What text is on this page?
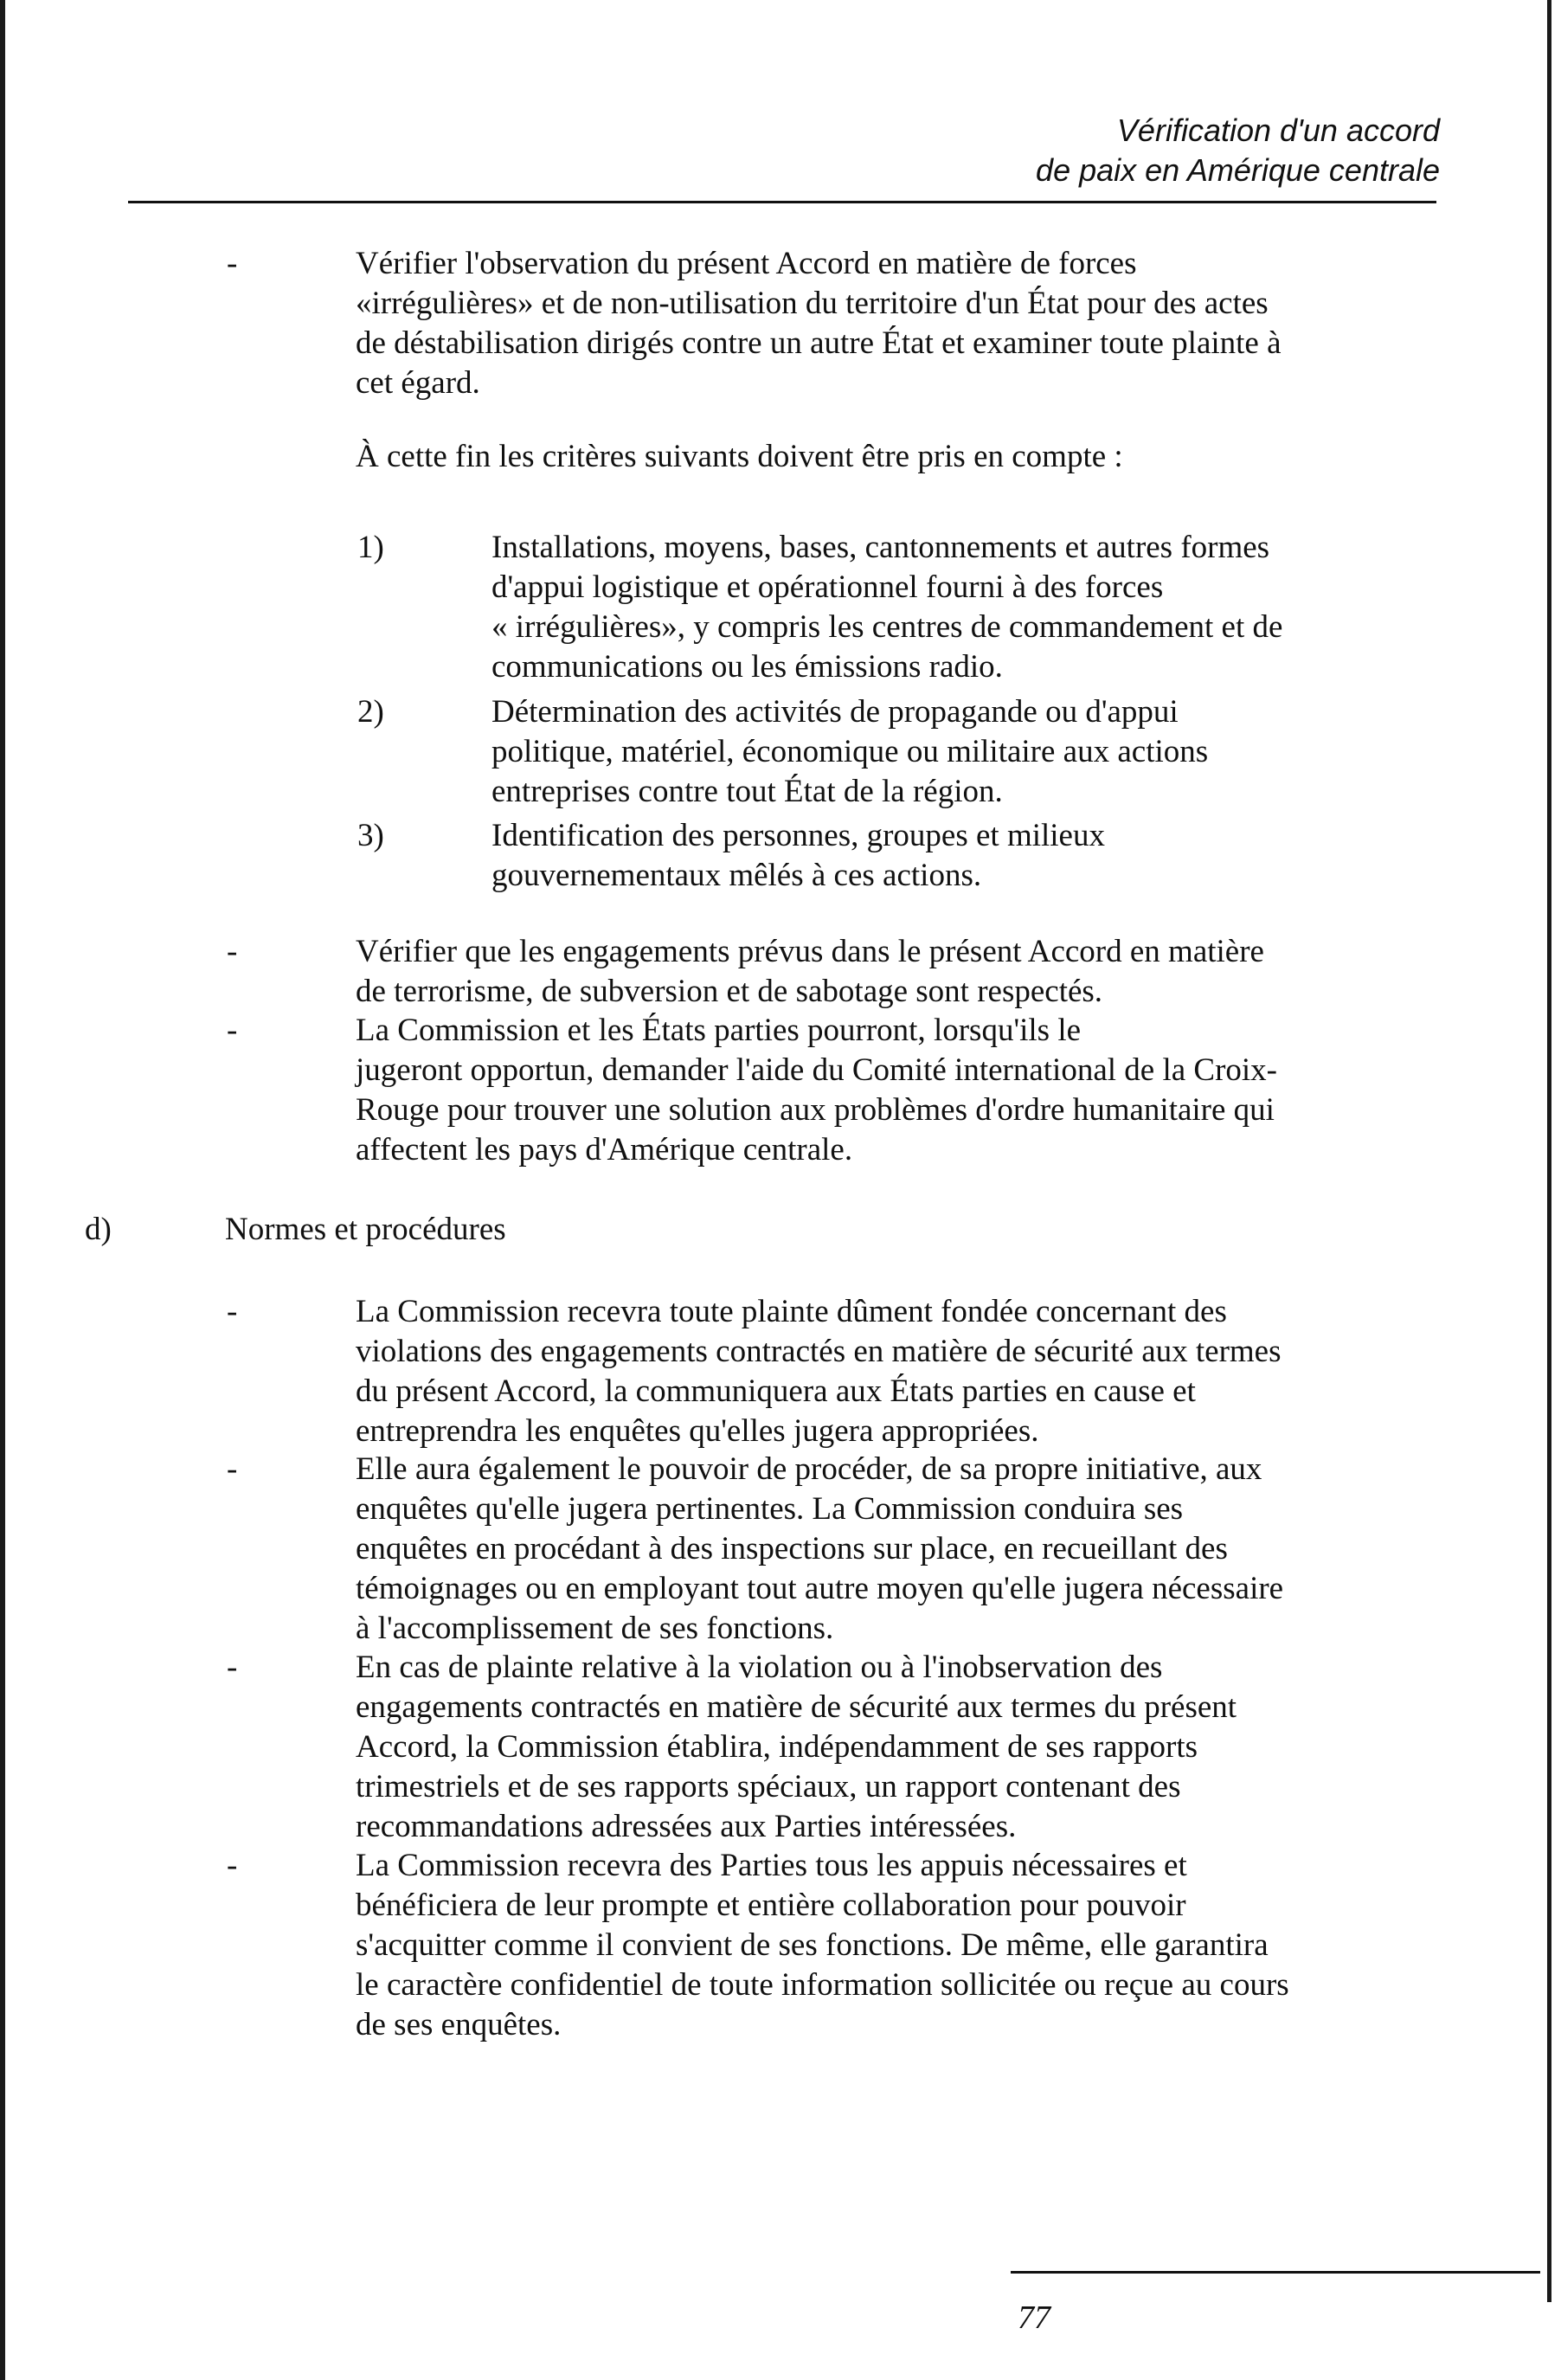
Vérification d'un accord
de paix en Amérique centrale
-	Vérifier l'observation du présent Accord en matière de forces
«irrégulières» et de non-utilisation du territoire d'un État pour des actes
de déstabilisation dirigés contre un autre État et examiner toute plainte à
cet égard.
À cette fin les critères suivants doivent être pris en compte :
1)	Installations, moyens, bases, cantonnements et autres formes
d'appui logistique et opérationnel fourni à des forces
« irrégulières», y compris les centres de commandement et de
communications ou les émissions radio.
2)	Détermination des activités de propagande ou d'appui
politique, matériel, économique ou militaire aux actions
entreprises contre tout État de la région.
3)	Identification des personnes, groupes et milieux
gouvernementaux mêlés à ces actions.
-	Vérifier que les engagements prévus dans le présent Accord en matière
de terrorisme, de subversion et de sabotage sont respectés.
-	La Commission et les États parties pourront, lorsqu'ils le
jugeront opportun, demander l'aide du Comité international de la Croix-
Rouge pour trouver une solution aux problèmes d'ordre humanitaire qui
affectent les pays d'Amérique centrale.
d)	Normes et procédures
-	La Commission recevra toute plainte dûment fondée concernant des
violations des engagements contractés en matière de sécurité aux termes
du présent Accord, la communiquera aux États parties en cause et
entreprendra les enquêtes qu'elles jugera appropriées.
-	Elle aura également le pouvoir de procéder, de sa propre initiative, aux
enquêtes qu'elle jugera pertinentes. La Commission conduira ses
enquêtes en procédant à des inspections sur place, en recueillant des
témoignages ou en employant tout autre moyen qu'elle jugera nécessaire
à l'accomplissement de ses fonctions.
-	En cas de plainte relative à la violation ou à l'inobservation des
engagements contractés en matière de sécurité aux termes du présent
Accord, la Commission établira, indépendamment de ses rapports
trimestriels et de ses rapports spéciaux, un rapport contenant des
recommandations adressées aux Parties intéressées.
-	La Commission recevra des Parties tous les appuis nécessaires et
bénéficiera de leur prompte et entière collaboration pour pouvoir
s'acquitter comme il convient de ses fonctions. De même, elle garantira
le caractère confidentiel de toute information sollicitée ou reçue au cours
de ses enquêtes.
77
